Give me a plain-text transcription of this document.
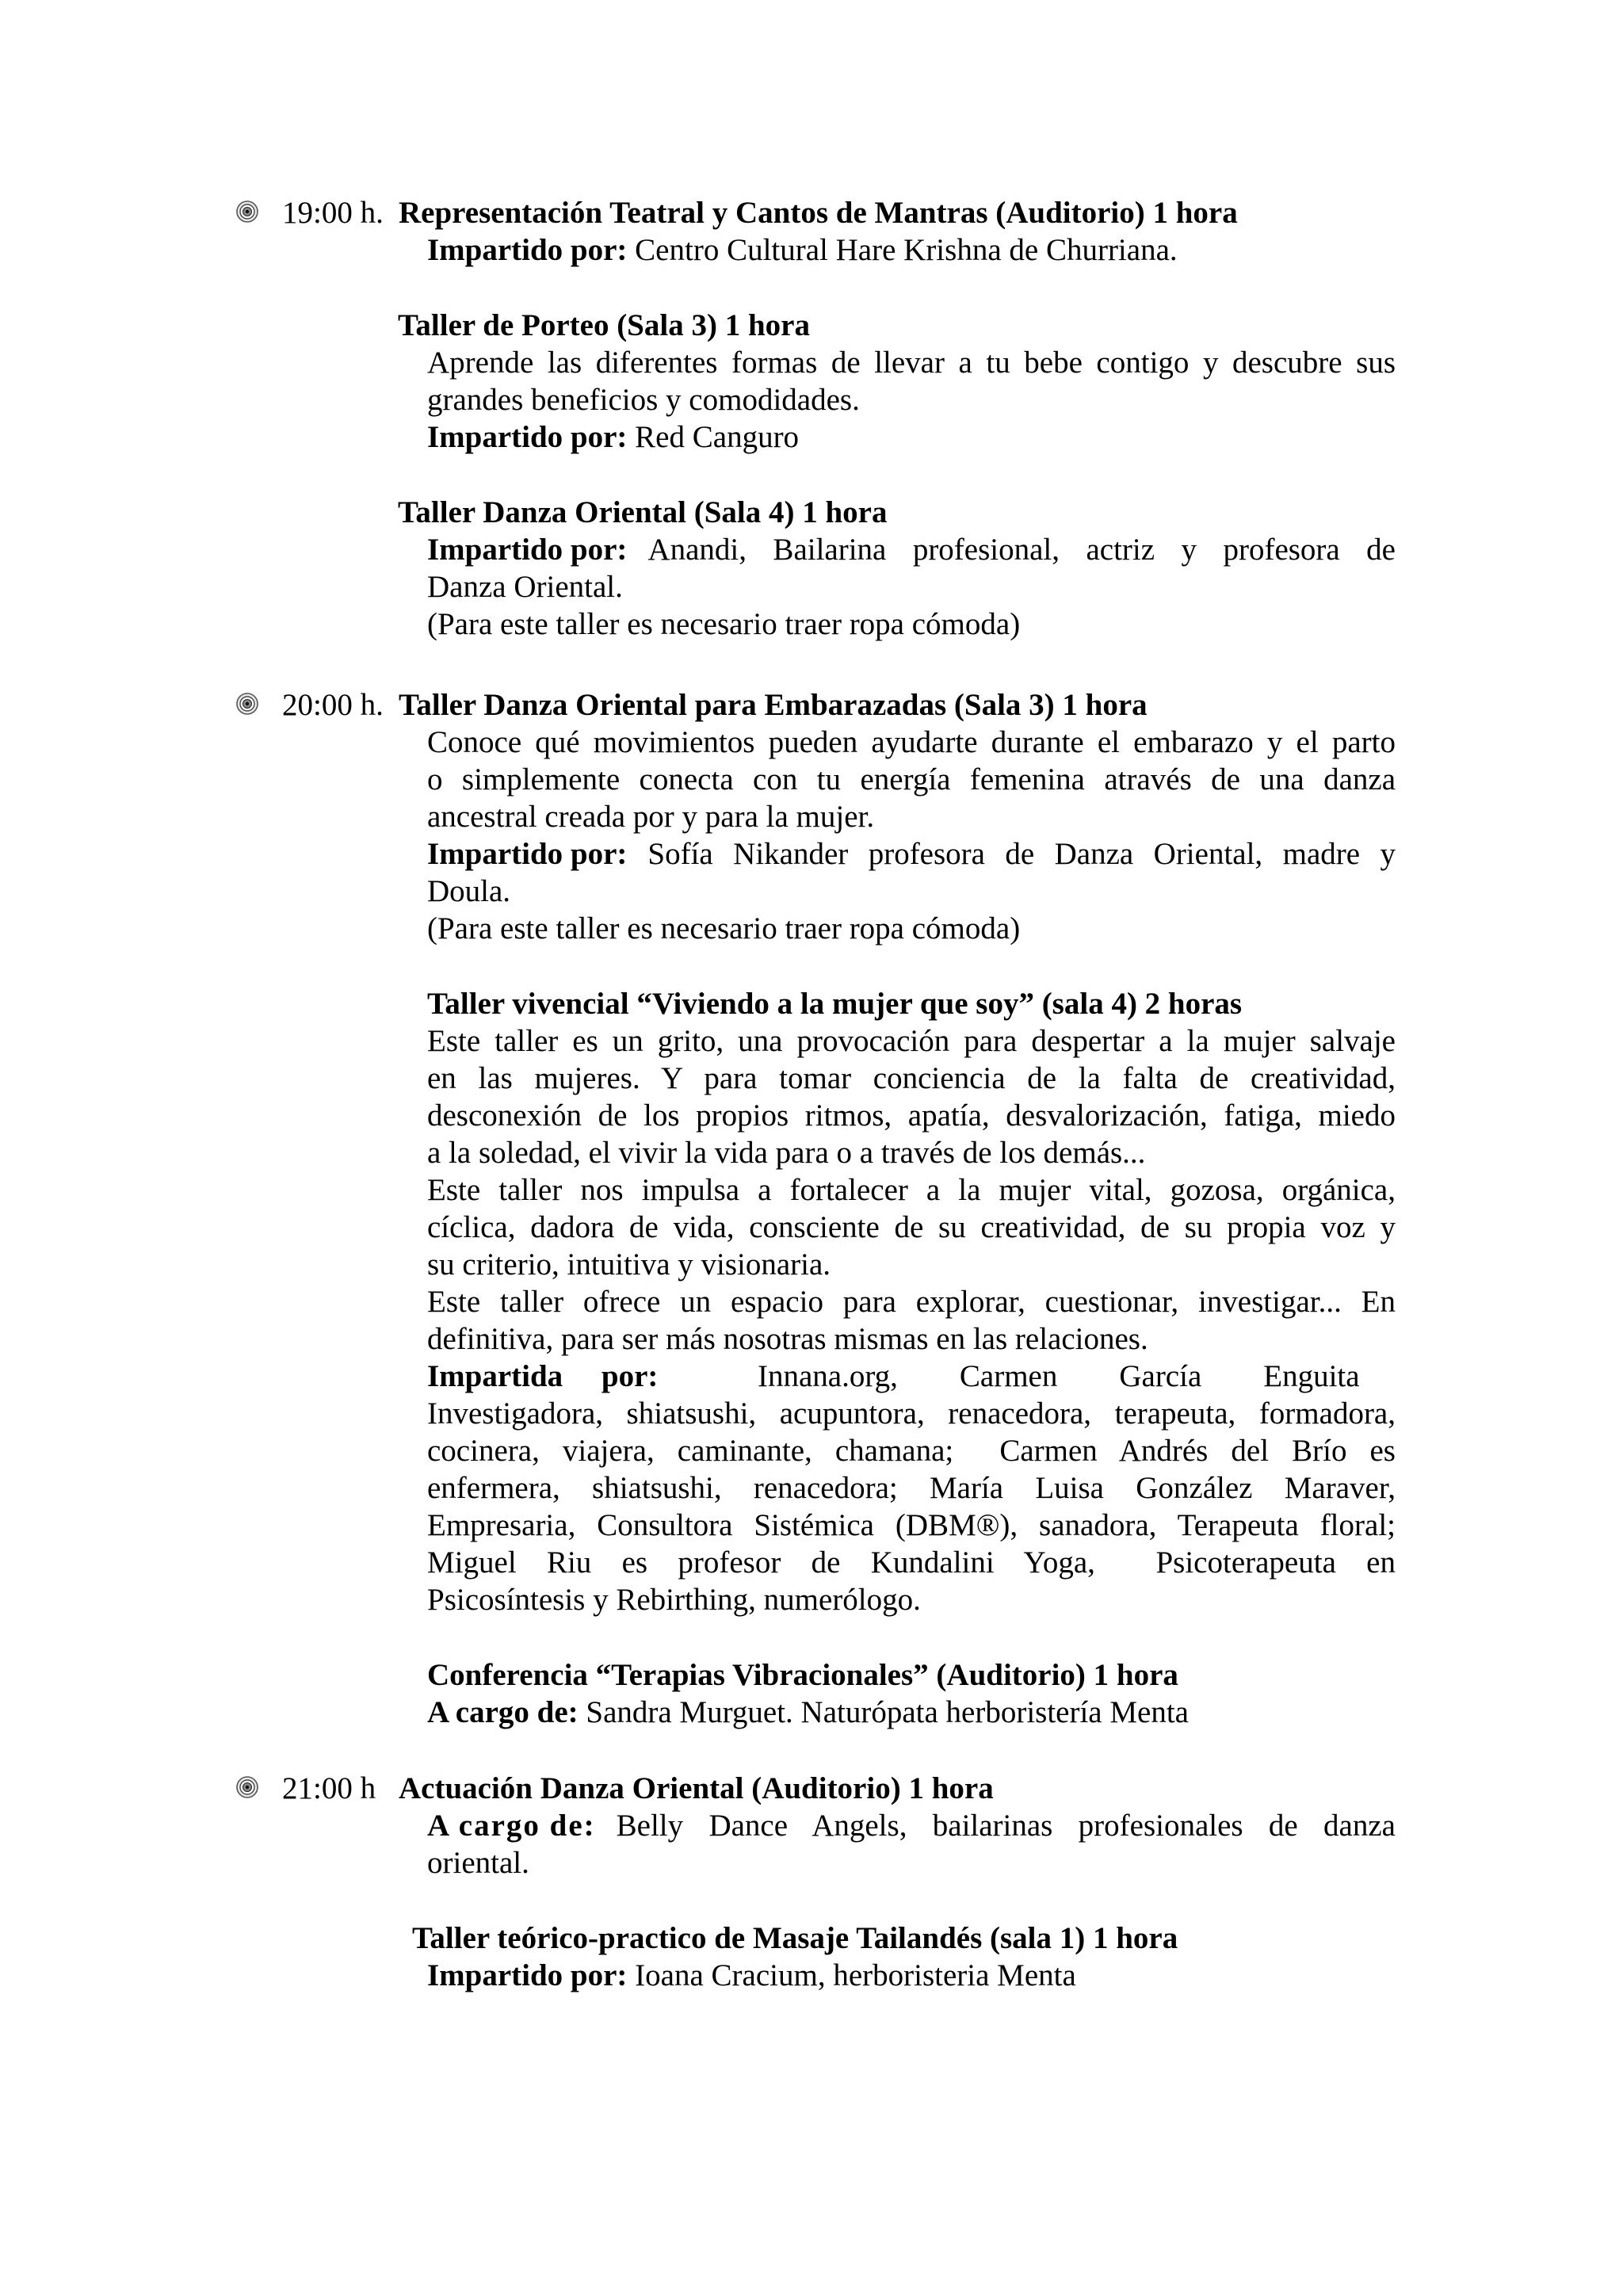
19:00 h. Representación Teatral y Cantos de Mantras (Auditorio) 1 hora
Impartido por: Centro Cultural Hare Krishna de Churriana.
Taller de Porteo (Sala 3) 1 hora
Aprende las diferentes formas de llevar a tu bebe contigo y descubre sus
grandes beneficios y comodidades.
Impartido por: Red Canguro
Taller Danza Oriental (Sala 4) 1 hora
Impartido por: Anandi, Bailarina profesional, actriz y profesora de
Danza Oriental.
(Para este taller es necesario traer ropa cómoda)
20:00 h. Taller Danza Oriental para Embarazadas (Sala 3) 1 hora
Conoce qué movimientos pueden ayudarte durante el embarazo y el parto
o simplemente conecta con tu energía femenina através de una danza
ancestral creada por y para la mujer.
Impartido por: Sofía Nikander profesora de Danza Oriental, madre y
Doula.
(Para este taller es necesario traer ropa cómoda)
Taller vivencial “Viviendo a la mujer que soy” (sala 4) 2 horas
Este taller es un grito, una provocación para despertar a la mujer salvaje
en las mujeres. Y para tomar conciencia de la falta de creatividad,
desconexión de los propios ritmos, apatía, desvalorización, fatiga, miedo
a la soledad, el vivir la vida para o a través de los demás...
Este taller nos impulsa a fortalecer a la mujer vital, gozosa, orgánica,
cíclica, dadora de vida, consciente de su creatividad, de su propia voz y
su criterio, intuitiva y visionaria.
Este taller ofrece un espacio para explorar, cuestionar, investigar... En
definitiva, para ser más nosotras mismas en las relaciones.
Impartida     por:	Innana.org,        Carmen        García        Enguita
Investigadora, shiatsushi, acupuntora, renacedora, terapeuta, formadora,
cocinera, viajera, caminante, chamana;  Carmen Andrés del Brío es
enfermera, shiatsushi, renacedora; María Luisa González Maraver,
Empresaria, Consultora Sistémica (DBM®), sanadora, Terapeuta floral;
Miguel Riu es profesor de Kundalini Yoga,  Psicoterapeuta en
Psicosíntesis y Rebirthing, numerólogo.
Conferencia “Terapias Vibracionales” (Auditorio) 1 hora
A cargo de: Sandra Murguet. Naturópata herboristería Menta
21:00 h Actuación Danza Oriental (Auditorio) 1 hora
A cargo de: Belly Dance Angels, bailarinas profesionales de danza
oriental.
Taller teórico-practico de Masaje Tailandés (sala 1) 1 hora
Impartido por: Ioana Cracium, herboristeria Menta
